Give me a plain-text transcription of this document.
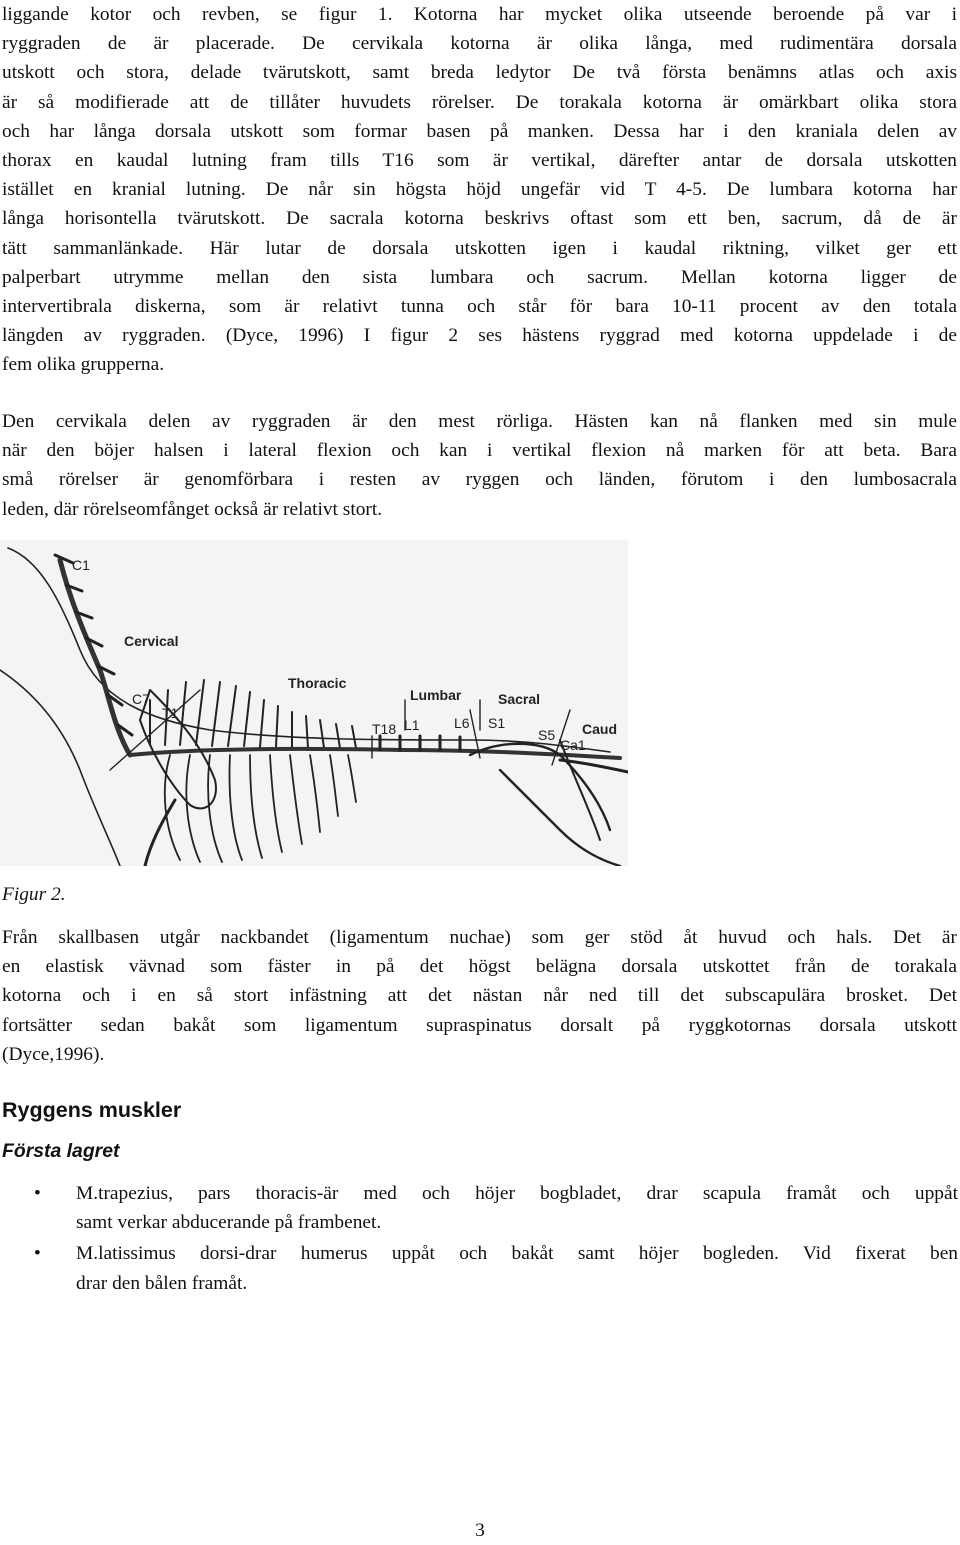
liggande kotor och revben, se figur 1. Kotorna har mycket olika utseende beroende på var i
ryggraden de är placerade. De cervikala kotorna är olika långa, med rudimentära dorsala
utskott och stora, delade tvärutskott, samt breda ledytor De två första benämns atlas och axis
är så modifierade att de tillåter huvudets rörelser. De torakala kotorna är omärkbart olika stora
och har långa dorsala utskott som formar basen på manken. Dessa har i den kraniala delen av
thorax en kaudal lutning fram tills T16 som är vertikal, därefter antar de dorsala utskotten
istället en kranial lutning. De når sin högsta höjd ungefär vid T 4-5. De lumbara kotorna har
långa horisontella tvärutskott. De sacrala kotorna beskrivs oftast som ett ben, sacrum, då de är
tätt sammanlänkade. Här lutar de dorsala utskotten igen i kaudal riktning, vilket ger ett
palperbart utrymme mellan den sista lumbara och sacrum. Mellan kotorna ligger de
intervertibrala diskerna, som är relativt tunna och står för bara 10-11 procent av den totala
längden av ryggraden. (Dyce, 1996) I figur 2 ses hästens ryggrad med kotorna uppdelade i de
fem olika grupperna.
Den cervikala delen av ryggraden är den mest rörliga. Hästen kan nå flanken med sin mule
när den böjer halsen i lateral flexion och kan i vertikal flexion nå marken för att beta. Bara
små rörelser är genomförbara i resten av ryggen och länden, förutom i den lumbosacrala
leden, där rörelseomfånget också är relativt stort.
C1
Cervical
Thoracic
Lumbar	Sacral
C7
T1
T18 L1 L6 S1
S5
Ca1
Caud
Figur 2.
Från skallbasen utgår nackbandet (ligamentum nuchae) som ger stöd åt huvud och hals. Det är
en elastisk vävnad som fäster in på det högst belägna dorsala utskottet från de torakala
kotorna och i en så stort infästning att det nästan når ned till det subscapulära brosket. Det
fortsätter sedan bakåt som ligamentum supraspinatus dorsalt på ryggkotornas dorsala utskott
(Dyce,1996).
Ryggens muskler
Första lagret
• M.trapezius, pars thoracis-är med och höjer bogbladet, drar scapula framåt och uppåt
samt verkar abducerande på frambenet.
• M.latissimus dorsi-drar humerus uppåt och bakåt samt höjer bogleden. Vid fixerat ben
drar den bålen framåt.
3
